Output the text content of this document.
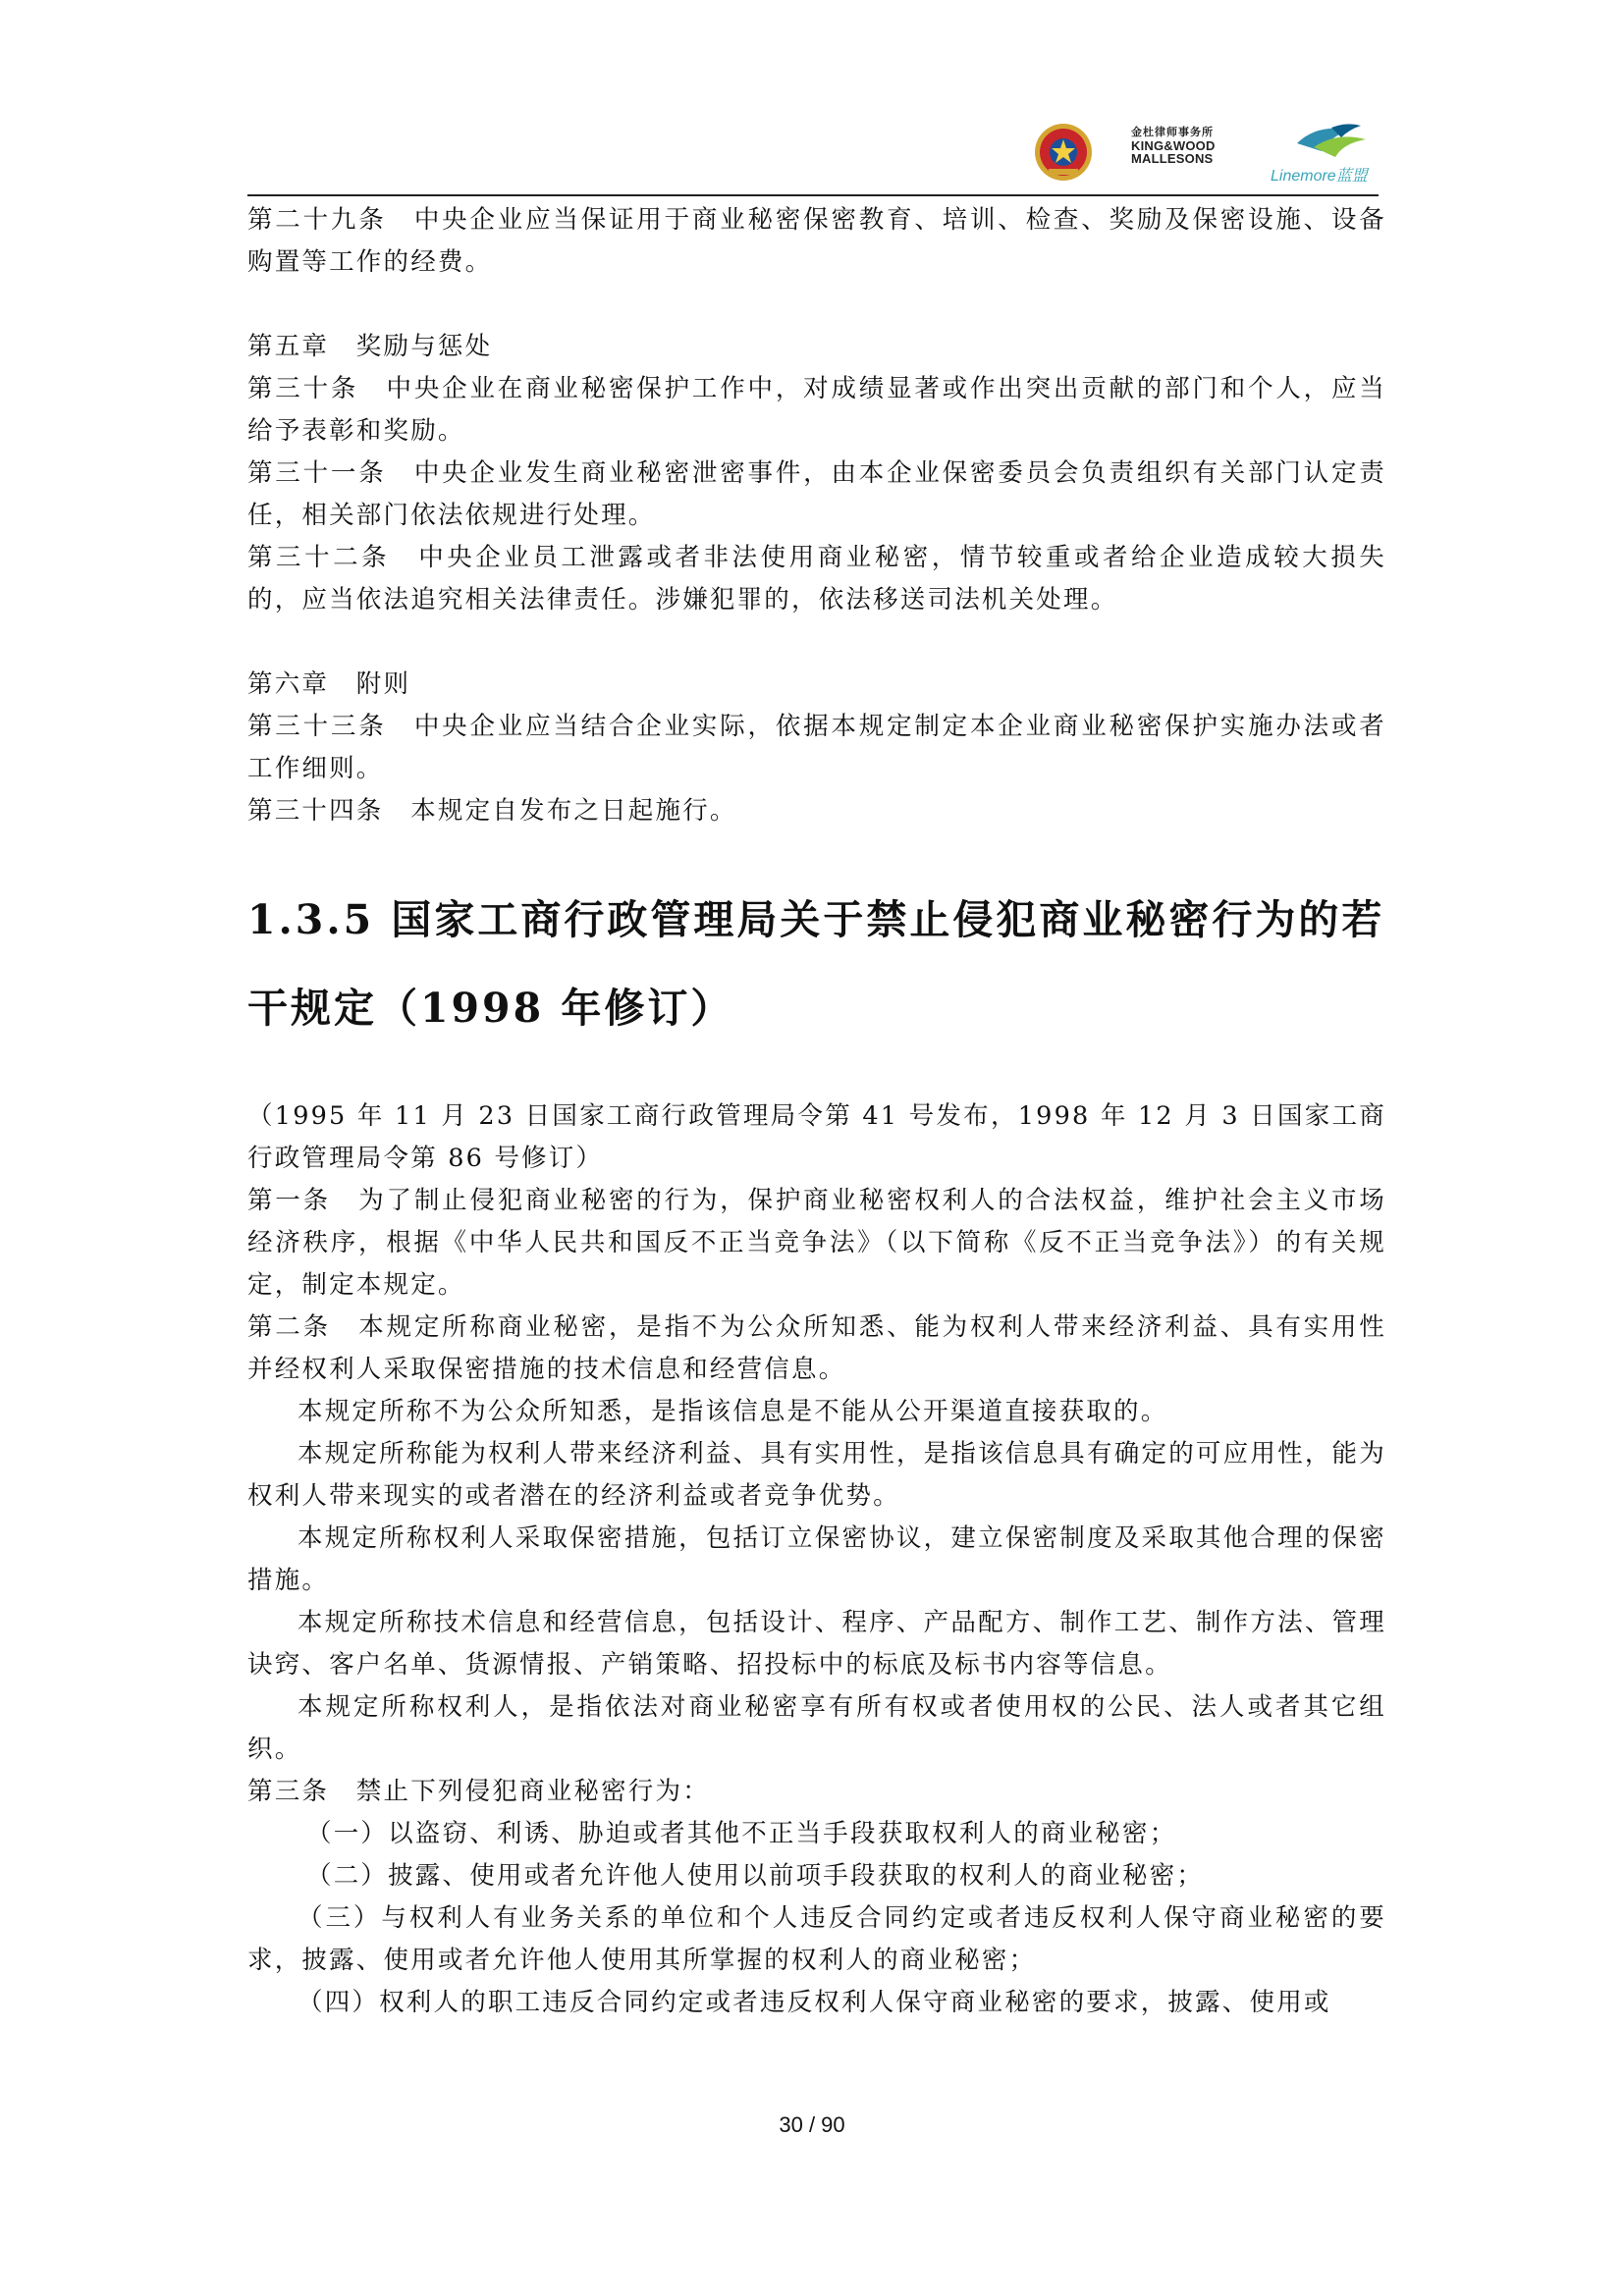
金杜律师事务所
KING&WOOD
MALLESONS
Linemore蓝盟

第二十九条　中央企业应当保证用于商业秘密保密教育、培训、检查、奖励及保密设施、设备购置等工作的经费。

第五章　奖励与惩处

第三十条　中央企业在商业秘密保护工作中，对成绩显著或作出突出贡献的部门和个人，应当给予表彰和奖励。

第三十一条　中央企业发生商业秘密泄密事件，由本企业保密委员会负责组织有关部门认定责任，相关部门依法依规进行处理。

第三十二条　中央企业员工泄露或者非法使用商业秘密，情节较重或者给企业造成较大损失的，应当依法追究相关法律责任。涉嫌犯罪的，依法移送司法机关处理。

第六章　附则

第三十三条　中央企业应当结合企业实际，依据本规定制定本企业商业秘密保护实施办法或者工作细则。

第三十四条　本规定自发布之日起施行。

1.3.5 国家工商行政管理局关于禁止侵犯商业秘密行为的若
干规定（1998 年修订）

（1995 年 11 月 23 日国家工商行政管理局令第 41 号发布，1998 年 12 月 3 日国家工商行政管理局令第 86 号修订）

第一条　为了制止侵犯商业秘密的行为，保护商业秘密权利人的合法权益，维护社会主义市场经济秩序，根据《中华人民共和国反不正当竞争法》（以下简称《反不正当竞争法》）的有关规定，制定本规定。

第二条　本规定所称商业秘密，是指不为公众所知悉、能为权利人带来经济利益、具有实用性并经权利人采取保密措施的技术信息和经营信息。

本规定所称不为公众所知悉，是指该信息是不能从公开渠道直接获取的。

本规定所称能为权利人带来经济利益、具有实用性，是指该信息具有确定的可应用性，能为权利人带来现实的或者潜在的经济利益或者竞争优势。

本规定所称权利人采取保密措施，包括订立保密协议，建立保密制度及采取其他合理的保密措施。

本规定所称技术信息和经营信息，包括设计、程序、产品配方、制作工艺、制作方法、管理诀窍、客户名单、货源情报、产销策略、招投标中的标底及标书内容等信息。

本规定所称权利人，是指依法对商业秘密享有所有权或者使用权的公民、法人或者其它组织。

第三条　禁止下列侵犯商业秘密行为：

（一）以盗窃、利诱、胁迫或者其他不正当手段获取权利人的商业秘密；

（二）披露、使用或者允许他人使用以前项手段获取的权利人的商业秘密；

（三）与权利人有业务关系的单位和个人违反合同约定或者违反权利人保守商业秘密的要求，披露、使用或者允许他人使用其所掌握的权利人的商业秘密；

（四）权利人的职工违反合同约定或者违反权利人保守商业秘密的要求，披露、使用或

30 / 90
